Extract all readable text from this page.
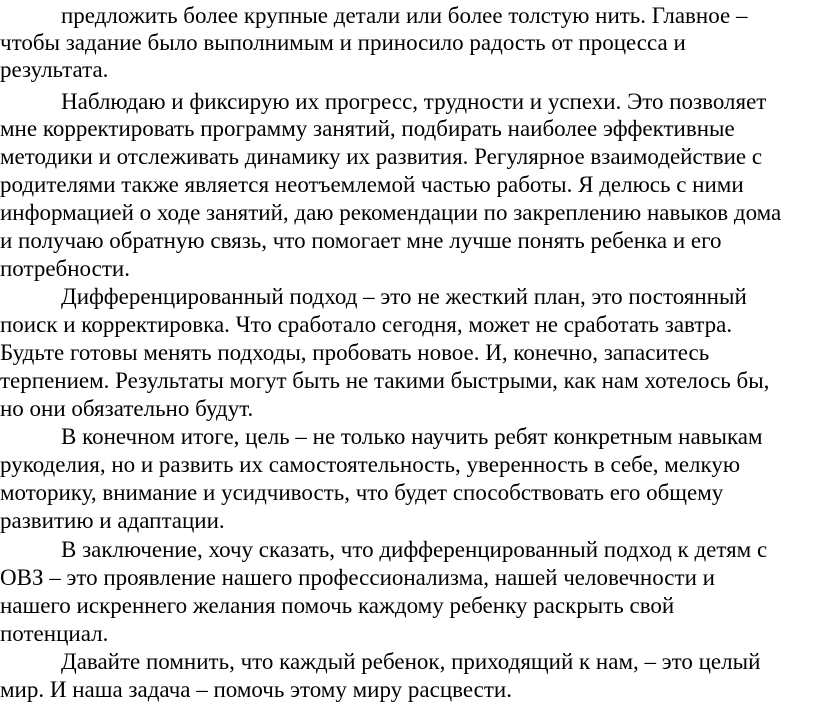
предложить более крупные детали или более толстую нить. Главное –
чтобы задание было выполнимым и приносило радость от процесса и
результата.
Наблюдаю и фиксирую их прогресс, трудности и успехи. Это позволяет
мне корректировать программу занятий, подбирать наиболее эффективные
методики и отслеживать динамику их развития. Регулярное взаимодействие с
родителями также является неотъемлемой частью работы. Я делюсь с ними
информацией о ходе занятий, даю рекомендации по закреплению навыков дома
и получаю обратную связь, что помогает мне лучше понять ребенка и его
потребности.
Дифференцированный подход – это не жесткий план, это постоянный
поиск и корректировка. Что сработало сегодня, может не сработать завтра.
Будьте готовы менять подходы, пробовать новое. И, конечно, запаситесь
терпением. Результаты могут быть не такими быстрыми, как нам хотелось бы,
но они обязательно будут.
В конечном итоге, цель – не только научить ребят конкретным навыкам
рукоделия, но и развить их самостоятельность, уверенность в себе, мелкую
моторику, внимание и усидчивость, что будет способствовать его общему
развитию и адаптации.
В заключение, хочу сказать, что дифференцированный подход к детям с
ОВЗ – это проявление нашего профессионализма, нашей человечности и
нашего искреннего желания помочь каждому ребенку раскрыть свой
потенциал.
Давайте помнить, что каждый ребенок, приходящий к нам, – это целый
мир. И наша задача – помочь этому миру расцвести.
